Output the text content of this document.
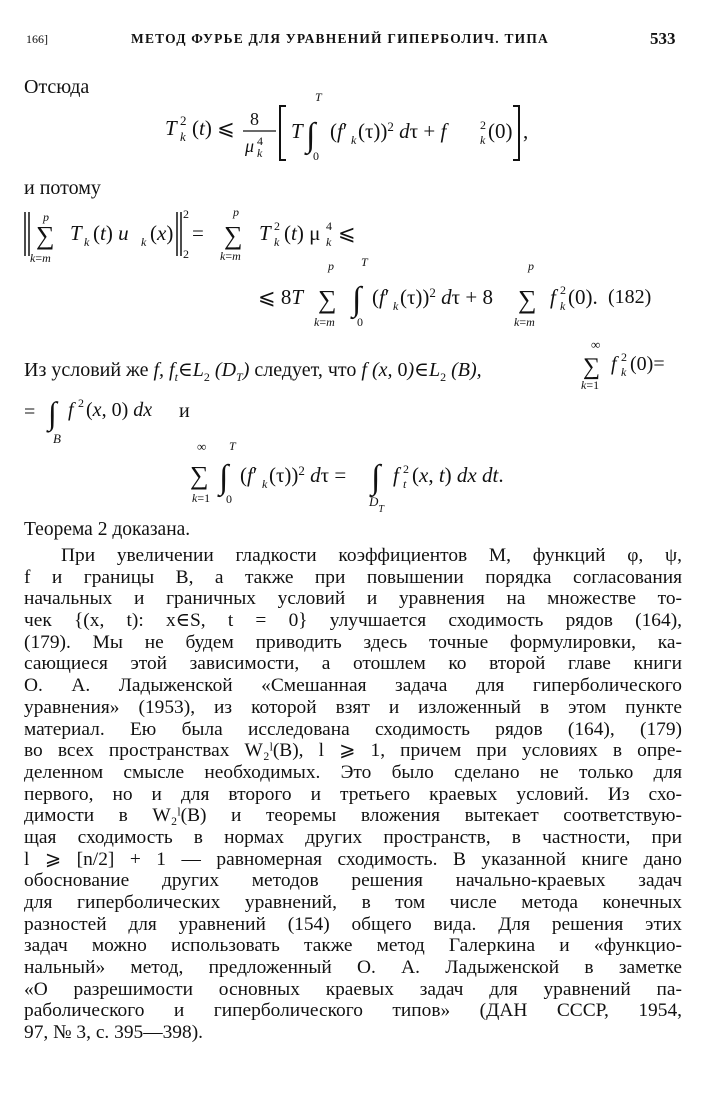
166]	МЕТОД ФУРЬЕ ДЛЯ УРАВНЕНИЙ ГИПЕРБОЛИЧ. ТИПА	533
Отсюда
T 2
k (t) ⩽ 8
μ 4
k
T
T
∫
0
(f′ k (τ))$^2$ dτ + f	2
k (0) ,
и потому
p
∑
k=m
T k (t) u k (x)
2
2
=
p
∑
k=m
T 2
k (t) μ 4
k ⩽
⩽ 8T
p
∑
k=m
T
∫
0
(f′ k (τ))$^2$ dτ + 8
p
∑
k=m
f 2
k (0). (182)
Из условий же f, $f_t\in L_2$ $(D_T)$ следует, что f (x, $0)\in L_2$ (B),
∞
∑
k=1
f 2
k (0)=
= ∫
B
f 2 (x, 0) dx и
∞
∑
k=1
T
∫
0
(f′ k (τ))$^2$ dτ = ∫
$D_T$
f 2
t (x, t) dx dt.
Теорема 2 доказана.
При увеличении гладкости коэффициентов M, функций φ, ψ,
f и границы B, а также при повышении порядка согласования
начальных и граничных условий и уравнения на множестве то-
чек {(x, t): x∈S, t = 0} улучшается сходимость рядов (164),
(179). Мы не будем приводить здесь точные формулировки, ка-
сающиеся этой зависимости, а отошлем ко второй главе книги
О. А. Ладыженской «Смешанная задача для гиперболического
уравнения» (1953), из которой взят и изложенный в этом пункте
материал. Ею была исследована сходимость рядов (164), (179)
во всех пространствах W₂ˡ(B), l ⩾ 1, причем при условиях в опре-
деленном смысле необходимых. Это было сделано не только для
первого, но и для второго и третьего краевых условий. Из схо-
димости в W₂ˡ(B) и теоремы вложения вытекает соответствую-
щая сходимость в нормах других пространств, в частности, при
l ⩾ [n/2] + 1 — равномерная сходимость. В указанной книге дано
обоснование других методов решения начально-краевых задач
для гиперболических уравнений, в том числе метода конечных
разностей для уравнений (154) общего вида. Для решения этих
задач можно использовать также метод Галеркина и «функцио-
нальный» метод, предложенный О. А. Ладыженской в заметке
«О разрешимости основных краевых задач для уравнений па-
раболического и гиперболического типов» (ДАН СССР, 1954,
97, № 3, с. 395—398).
